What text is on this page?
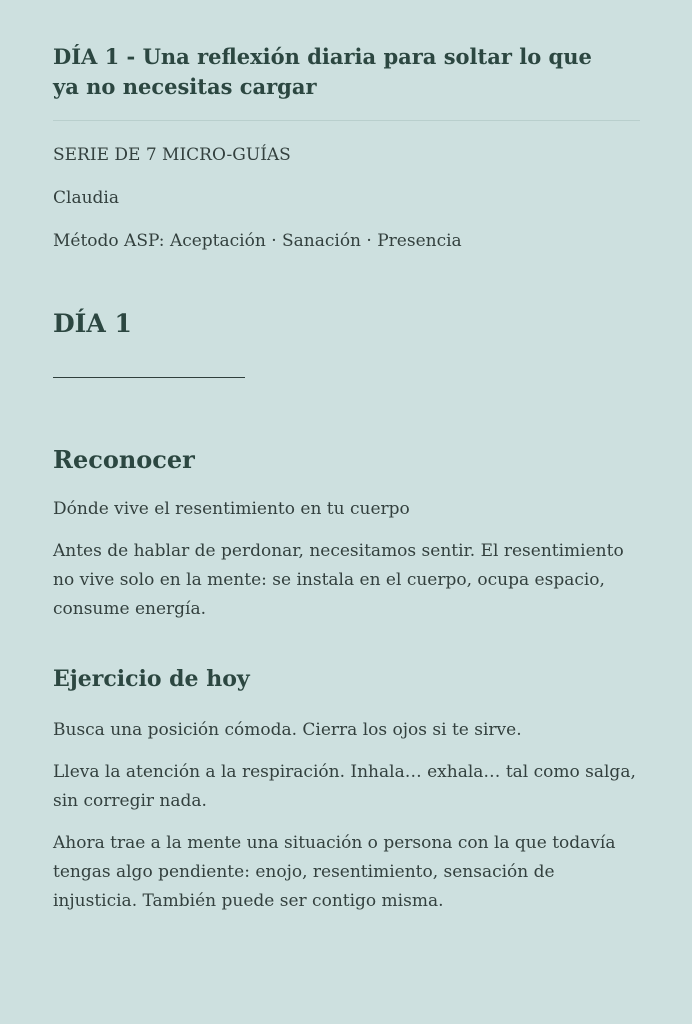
DÍA 1 - Una reflexión diaria para soltar lo que ya no necesitas cargar

SERIE DE 7 MICRO-GUÍAS

Claudia

Método ASP: Aceptación · Sanación · Presencia

DÍA 1
Reconocer

Dónde vive el resentimiento en tu cuerpo

Antes de hablar de perdonar, necesitamos sentir. El resentimiento no vive solo en la mente: se instala en el cuerpo, ocupa espacio, consume energía.

Ejercicio de hoy

Busca una posición cómoda. Cierra los ojos si te sirve.

Lleva la atención a la respiración. Inhala… exhala… tal como salga, sin corregir nada.

Ahora trae a la mente una situación o persona con la que todavía tengas algo pendiente: enojo, resentimiento, sensación de injusticia. También puede ser contigo misma.
